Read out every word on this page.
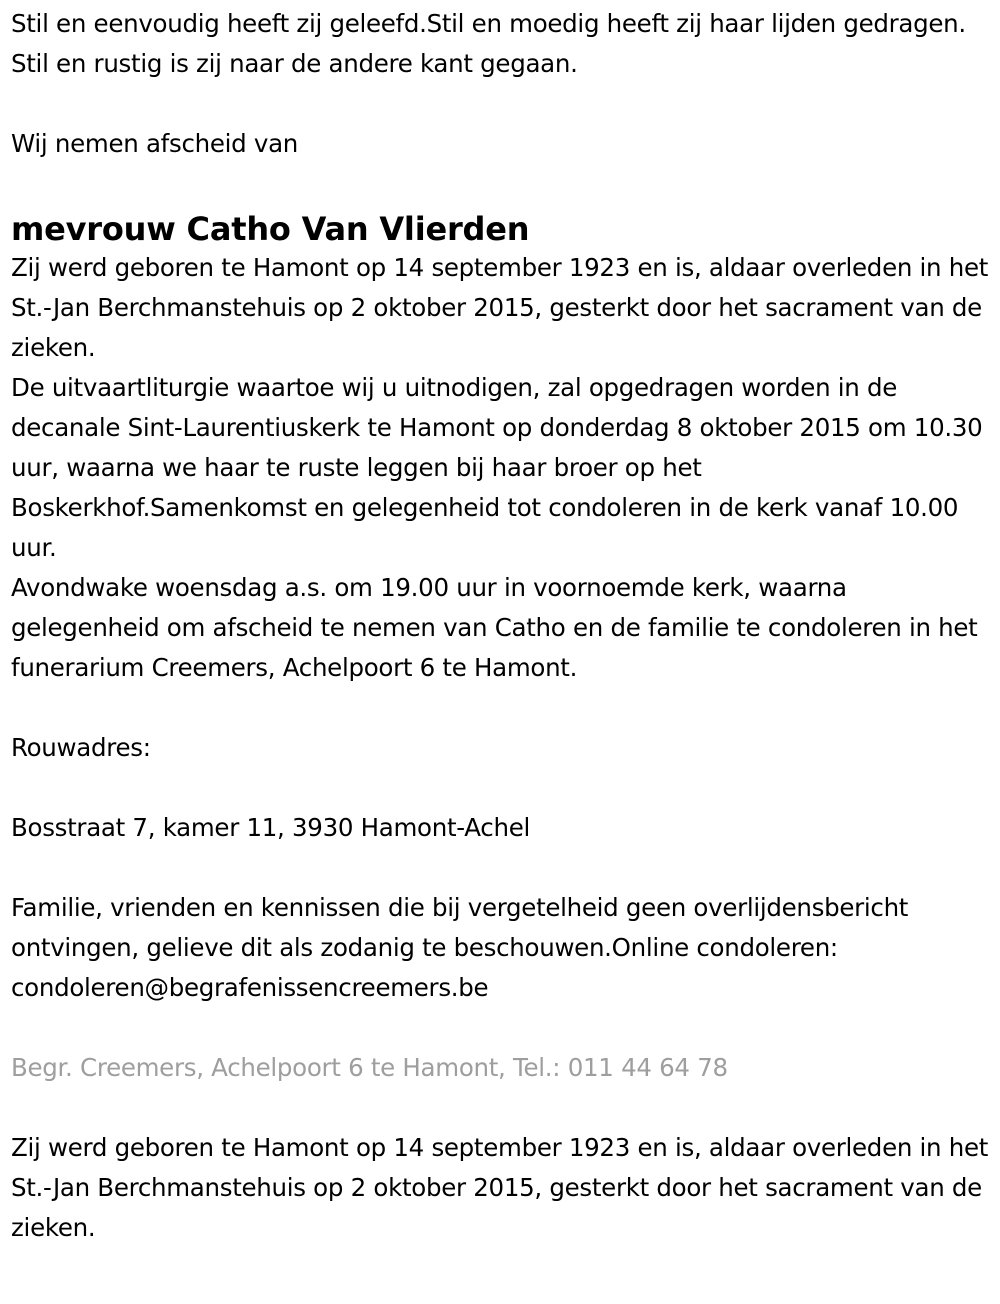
Stil en eenvoudig heeft zij geleefd.Stil en moedig heeft zij haar lijden gedragen.

Stil en rustig is zij naar de andere kant gegaan.

Wij nemen afscheid van

mevrouw Catho Van Vlierden

Zij werd geboren te Hamont op 14 september 1923 en is, aldaar overleden in het St.-Jan Berchmanstehuis op 2 oktober 2015, gesterkt door het sacrament van de zieken.

De uitvaartliturgie waartoe wij u uitnodigen, zal opgedragen worden in de decanale Sint-Laurentiuskerk te Hamont op donderdag 8 oktober 2015 om 10.30 uur, waarna we haar te ruste leggen bij haar broer op het Boskerkhof.Samenkomst en gelegenheid tot condoleren in de kerk vanaf 10.00 uur.

Avondwake woensdag a.s. om 19.00 uur in voornoemde kerk, waarna gelegenheid om afscheid te nemen van Catho en de familie te condoleren in het funerarium Creemers, Achelpoort 6 te Hamont.

Rouwadres:

Bosstraat 7, kamer 11, 3930 Hamont-Achel

Familie, vrienden en kennissen die bij vergetelheid geen overlijdensbericht ontvingen, gelieve dit als zodanig te beschouwen.Online condoleren: condoleren@begrafenissencreemers.be

Begr. Creemers, Achelpoort 6 te Hamont, Tel.: 011 44 64 78

Zij werd geboren te Hamont op 14 september 1923 en is, aldaar overleden in het St.-Jan Berchmanstehuis op 2 oktober 2015, gesterkt door het sacrament van de zieken.
